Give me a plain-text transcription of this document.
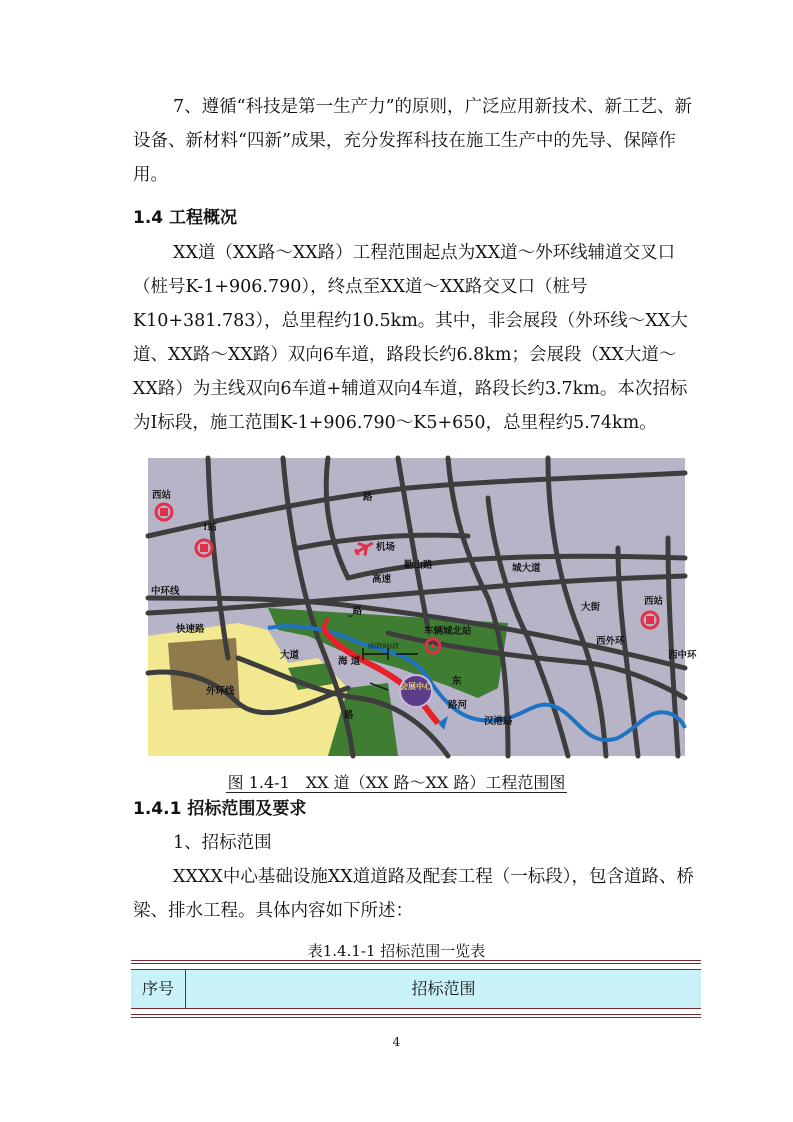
7、遵循“科技是第一生产力”的原则，广泛应用新技术、新工艺、新设备、新材料“四新”成果，充分发挥科技在施工生产中的先导、保障作用。

1.4 工程概况

XX道（XX路～XX路）工程范围起点为XX道～外环线辅道交叉口（桩号K-1+906.790），终点至XX道～XX路交叉口（桩号K10+381.783），总里程约10.5km。其中，非会展段（外环线～XX大道、XX路～XX路）双向6车道，路段长约6.8km；会展段（XX大道～XX路）为主线双向6车道+辅道双向4车道，路段长约3.7km。本次招标为Ⅰ标段，施工范围K-1+906.790～K5+650，总里程约5.74km。

会展中心
西站
!站
机场
路
高速
城大道
中环线
快速路
外环线
大街
西站
西外环
西中环
车辆城北站
勤山路
_路
大道
海 道
东
路河
汉港路
路
Ⅰ标段Ⅱ标段
图 1.4-1　XX 道（XX 路～XX 路）工程范围图

1.4.1 招标范围及要求

1、招标范围

XXXX中心基础设施XX道道路及配套工程（一标段），包含道路、桥梁、排水工程。具体内容如下所述：

表1.4.1-1 招标范围一览表
序号	招标范围
4
